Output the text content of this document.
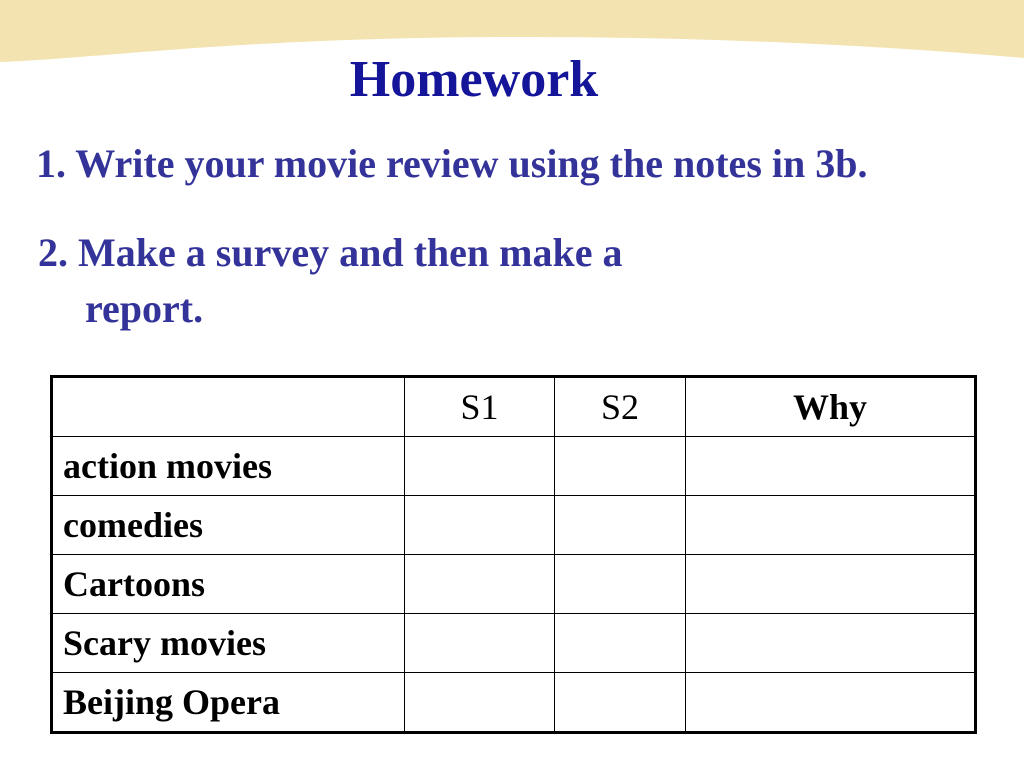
Homework
1. Write your movie review using the notes in 3b.
2. Make a survey and then make a
report.
	S1	S2	Why
action movies			
comedies			
Cartoons			
Scary movies			
Beijing Opera			
